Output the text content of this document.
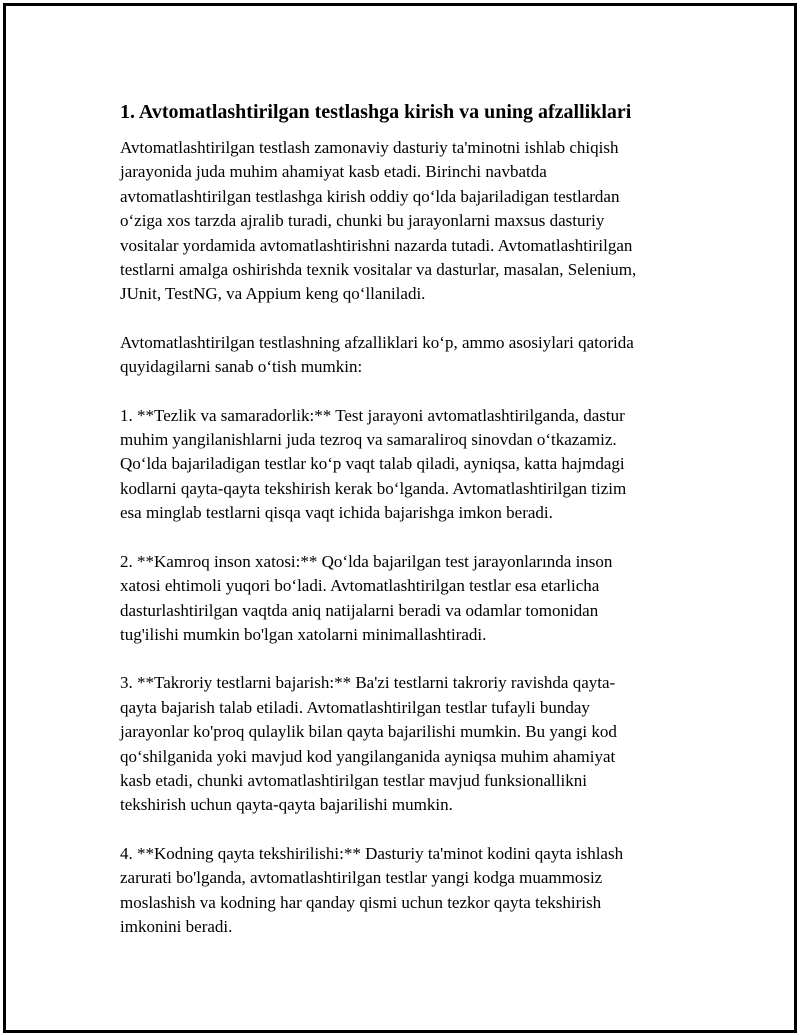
1. Avtomatlashtirilgan testlashga kirish va uning afzalliklari
Avtomatlashtirilgan testlash zamonaviy dasturiy ta'minotni ishlab chiqish
jarayonida juda muhim ahamiyat kasb etadi. Birinchi navbatda
avtomatlashtirilgan testlashga kirish oddiy qo‘lda bajariladigan testlardan
o‘ziga xos tarzda ajralib turadi, chunki bu jarayonlarni maxsus dasturiy
vositalar yordamida avtomatlashtirishni nazarda tutadi. Avtomatlashtirilgan
testlarni amalga oshirishda texnik vositalar va dasturlar, masalan, Selenium,
JUnit, TestNG, va Appium keng qo‘llaniladi.
Avtomatlashtirilgan testlashning afzalliklari ko‘p, ammo asosiylari qatorida
quyidagilarni sanab o‘tish mumkin:
1. **Tezlik va samaradorlik:** Test jarayoni avtomatlashtirilganda, dastur
muhim yangilanishlarni juda tezroq va samaraliroq sinovdan o‘tkazamiz.
Qo‘lda bajariladigan testlar ko‘p vaqt talab qiladi, ayniqsa, katta hajmdagi
kodlarni qayta-qayta tekshirish kerak bo‘lganda. Avtomatlashtirilgan tizim
esa minglab testlarni qisqa vaqt ichida bajarishga imkon beradi.
2. **Kamroq inson xatosi:** Qo‘lda bajarilgan test jarayonlarında inson
xatosi ehtimoli yuqori bo‘ladi. Avtomatlashtirilgan testlar esa etarlicha
dasturlashtirilgan vaqtda aniq natijalarni beradi va odamlar tomonidan
tug'ilishi mumkin bo'lgan xatolarni minimallashtiradi.
3. **Takroriy testlarni bajarish:** Ba'zi testlarni takroriy ravishda qayta-
qayta bajarish talab etiladi. Avtomatlashtirilgan testlar tufayli bunday
jarayonlar ko'proq qulaylik bilan qayta bajarilishi mumkin. Bu yangi kod
qo‘shilganida yoki mavjud kod yangilanganida ayniqsa muhim ahamiyat
kasb etadi, chunki avtomatlashtirilgan testlar mavjud funksionallikni
tekshirish uchun qayta-qayta bajarilishi mumkin.
4. **Kodning qayta tekshirilishi:** Dasturiy ta'minot kodini qayta ishlash
zarurati bo'lganda, avtomatlashtirilgan testlar yangi kodga muammosiz
moslashish va kodning har qanday qismi uchun tezkor qayta tekshirish
imkonini beradi.
